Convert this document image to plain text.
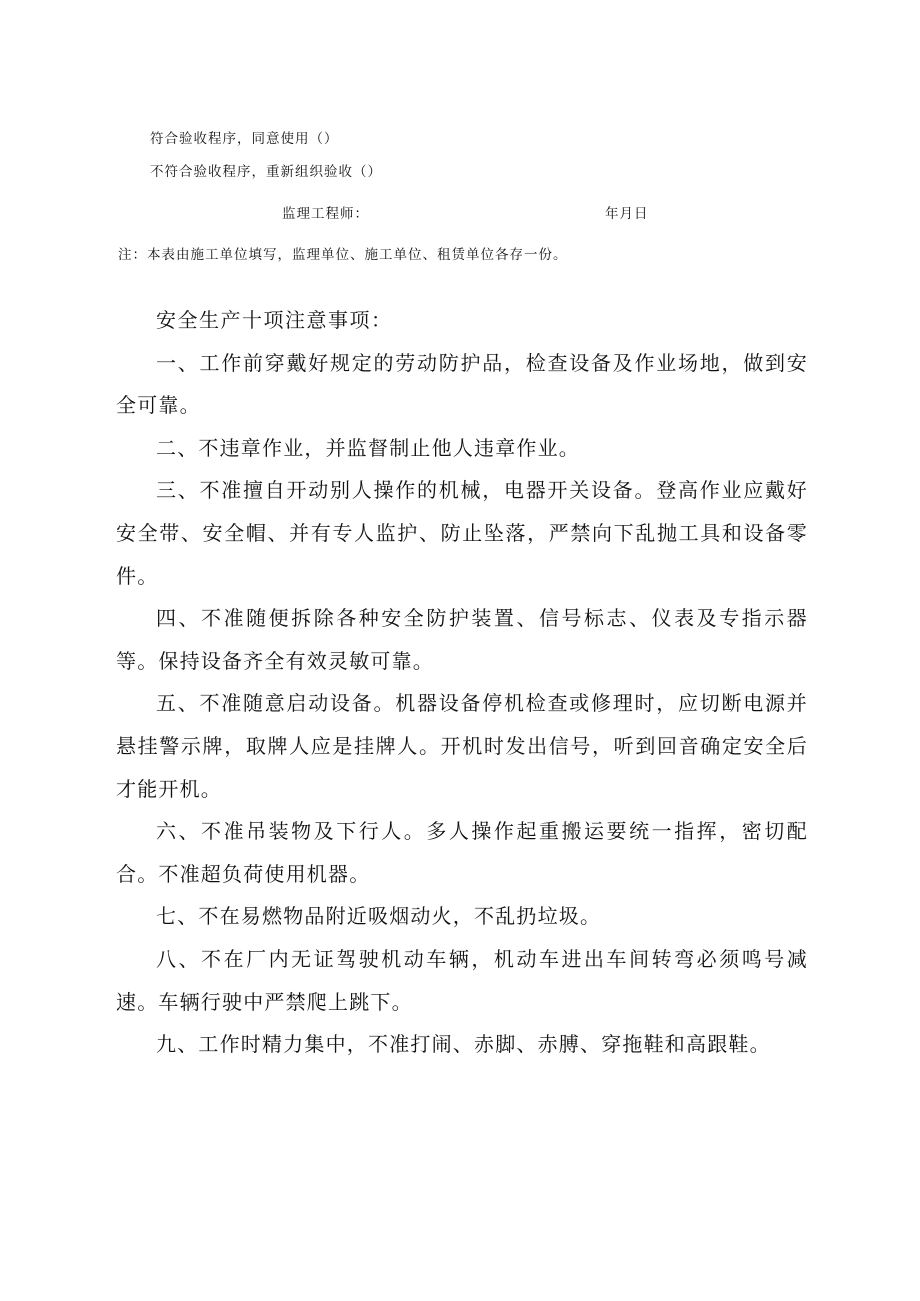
符合验收程序，同意使用（）
不符合验收程序，重新组织验收（）
监理工程师：	年月日
注：本表由施工单位填写，监理单位、施工单位、租赁单位各存一份。

安全生产十项注意事项：

一、工作前穿戴好规定的劳动防护品，检查设备及作业场地，做到安全可靠。

二、不违章作业，并监督制止他人违章作业。

三、不准擅自开动别人操作的机械，电器开关设备。登高作业应戴好安全带、安全帽、并有专人监护、防止坠落，严禁向下乱抛工具和设备零件。

四、不准随便拆除各种安全防护装置、信号标志、仪表及专指示器等。保持设备齐全有效灵敏可靠。

五、不准随意启动设备。机器设备停机检查或修理时，应切断电源并悬挂警示牌，取牌人应是挂牌人。开机时发出信号，听到回音确定安全后才能开机。

六、不准吊装物及下行人。多人操作起重搬运要统一指挥，密切配合。不准超负荷使用机器。

七、不在易燃物品附近吸烟动火，不乱扔垃圾。

八、不在厂内无证驾驶机动车辆，机动车进出车间转弯必须鸣号减速。车辆行驶中严禁爬上跳下。

九、工作时精力集中，不准打闹、赤脚、赤膊、穿拖鞋和高跟鞋。
